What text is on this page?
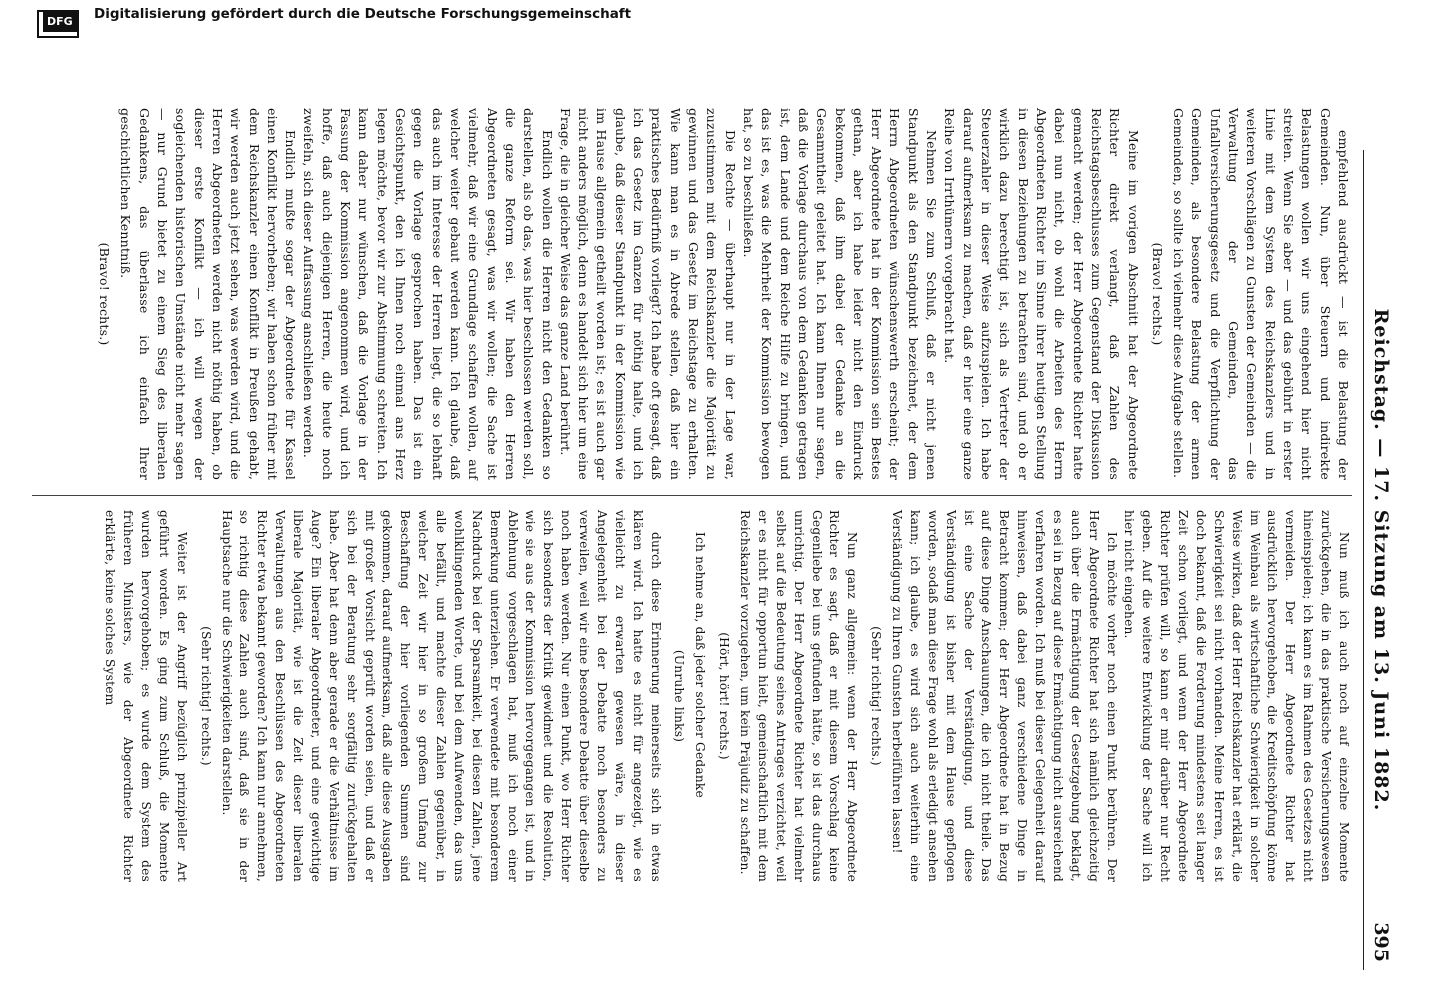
Reichstag. — 17. Sitzung am 13. Juni 1882.
395

Nun muß ich auch noch auf einzelne Momente zurückgehen, die in das praktische Versicherungswesen hineinspielen; ich kann es im Rahmen des Gesetzes nicht vermeiden. Der Herr Abgeordnete Richter hat ausdrücklich hervorgehoben, die Kreditschöpfung könne im Weinbau als wirtschaftliche Schwierigkeit in solcher Weise wirken, daß der Herr Reichskanzler hat erklärt, die Schwierigkeit sei nicht vorhanden. Meine Herren, es ist doch bekannt, daß die Forderung mindestens seit langer Zeit schon vorliegt, und wenn der Herr Abgeordnete Richter prüfen will, so kann er mir darüber nur Recht geben. Auf die weitere Entwicklung der Sache will ich hier nicht eingehen.

Ich möchte vorher noch einen Punkt berühren. Der Herr Abgeordnete Richter hat sich nämlich gleichzeitig auch über die Ermächtigung der Gesetzgebung beklagt, es sei in Bezug auf diese Ermächtigung nicht ausreichend verfahren worden. Ich muß bei dieser Gelegenheit darauf hinweisen, daß dabei ganz verschiedene Dinge in Betracht kommen; der Herr Abgeordnete hat in Bezug auf diese Dinge Anschauungen, die ich nicht theile. Das ist eine Sache der Verständigung, und diese Verständigung ist bisher mit dem Hause gepflogen worden, sodaß man diese Frage wohl als erledigt ansehen kann; ich glaube, es wird sich auch weiterhin eine Verständigung zu Ihren Gunsten herbeiführen lassen!

(Sehr richtig! rechts.)

Nun ganz allgemein: wenn der Herr Abgeordnete Richter es sagt, daß er mit diesem Vorschlag keine Gegenliebe bei uns gefunden hätte, so ist das durchaus unrichtig. Der Herr Abgeordnete Richter hat vielmehr selbst auf die Bedeutung seines Antrages verzichtet, weil er es nicht für opportun hielt, gemeinschaftlich mit dem Reichskanzler vorzugehen, um kein Präjudiz zu schaffen.

(Hört, hört! rechts.)

Ich nehme an, daß jeder solcher Gedanke

(Unruhe links)

durch diese Erinnerung meinerseits sich in etwas klären wird. Ich hatte es nicht für angezeigt, wie es vielleicht zu erwarten gewesen wäre, in dieser Angelegenheit bei der Debatte noch besonders zu verweilen, weil wir eine besondere Debatte über dieselbe noch haben werden. Nur einen Punkt, wo Herr Richter sich besonders der Kritik gewidmet und die Resolution, wie sie aus der Kommission hervorgegangen ist, und in Ablehnung vorgeschlagen hat, muß ich noch einer Bemerkung unterziehen. Er verwendete mit besonderem Nachdruck bei der Sparsamkeit, bei diesen Zahlen, jene wohlklingenden Worte, und bei dem Aufwenden, das uns alle befällt, und machte dieser Zahlen gegenüber, in welcher Zeit wir hier in so großem Umfang zur Beschaffung der hier vorliegenden Summen sind gekommen, darauf aufmerksam, daß alle diese Ausgaben mit großer Vorsicht geprüft worden seien, und daß er sich bei der Beratung sehr sorgfältig zurückgehalten habe. Aber hat denn aber gerade er die Verhältnisse im Auge? Ein liberaler Abgeordneter, und eine gewichtige liberale Majorität, wie ist die Zeit dieser liberalen Verwaltungen aus den Beschlüssen des Abgeordneten Richter etwa bekannt geworden? Ich kann nur annehmen, so richtig diese Zahlen auch sind, daß sie in der Hauptsache nur die Schwierigkeiten darstellen.

(Sehr richtig! rechts.)

Weiter ist der Angriff bezüglich prinzipieller Art geführt worden. Es ging zum Schluß, die Momente wurden hervorgehoben; es wurde dem System des früheren Ministers, wie der Abgeordnete Richter erklärte, keine solches System

empfehlend ausdrückt — ist die Belastung der Gemeinden. Nun, über Steuern und indirekte Belastungen wollen wir uns eingehend hier nicht streiten. Wenn Sie aber — und das gebührt in erster Linie mit dem System des Reichskanzlers und in weiteren Vorschlägen zu Gunsten der Gemeinden — die Verwaltung der Gemeinden, das Unfallversicherungsgesetz und die Verpflichtung der Gemeinden, als besondere Belastung der armen Gemeinden, so sollte ich vielmehr diese Aufgabe stellen.

(Bravo! rechts.)

Meine im vorigen Abschnitt hat der Abgeordnete Richter direkt verlangt, daß Zahlen des Reichstagsbeschlusses zum Gegenstand der Diskussion gemacht werden; der Herr Abgeordnete Richter hatte dabei nun nicht, ob wohl die Arbeiten des Herrn Abgeordneten Richter im Sinne ihrer heutigen Stellung in diesen Beziehungen zu betrachten sind, und ob er wirklich dazu berechtigt ist, sich als Vertreter der Steuerzahler in dieser Weise aufzuspielen. Ich habe darauf aufmerksam zu machen, daß er hier eine ganze Reihe von Irrthümern vorgebracht hat.

Nehmen Sie zum Schluß, daß er nicht jenen Standpunkt als den Standpunkt bezeichnet, der dem Herrn Abgeordneten wünschenswerth erscheint; der Herr Abgeordnete hat in der Kommission sein Bestes gethan, aber ich habe leider nicht den Eindruck bekommen, daß ihm dabei der Gedanke an die Gesammtheit geleitet hat. Ich kann Ihnen nur sagen, daß die Vorlage durchaus von dem Gedanken getragen ist, dem Lande und dem Reiche Hilfe zu bringen, und das ist es, was die Mehrheit der Kommission bewogen hat, so zu beschließen.

Die Rechte — überhaupt nur in der Lage war, zuzustimmen mit dem Reichskanzler die Majorität zu gewinnen und das Gesetz im Reichstage zu erhalten. Wie kann man es in Abrede stellen, daß hier ein praktisches Bedürfniß vorliegt? Ich habe oft gesagt, daß ich das Gesetz im Ganzen für nöthig halte, und ich glaube, daß dieser Standpunkt in der Kommission wie im Hause allgemein getheilt worden ist; es ist auch gar nicht anders möglich, denn es handelt sich hier um eine Frage, die in gleicher Weise das ganze Land berührt.

Endlich wollen die Herren nicht den Gedanken so darstellen, als ob das, was hier beschlossen werden soll, die ganze Reform sei. Wir haben den Herren Abgeordneten gesagt, was wir wollen; die Sache ist vielmehr, daß wir eine Grundlage schaffen wollen, auf welcher weiter gebaut werden kann. Ich glaube, daß das auch im Interesse der Herren liegt, die so lebhaft gegen die Vorlage gesprochen haben. Das ist ein Gesichtspunkt, den ich Ihnen noch einmal ans Herz legen möchte, bevor wir zur Abstimmung schreiten. Ich kann daher nur wünschen, daß die Vorlage in der Fassung der Kommission angenommen wird, und ich hoffe, daß auch diejenigen Herren, die heute noch zweifeln, sich dieser Auffassung anschließen werden.

Endlich mußte sogar der Abgeordnete für Kassel einen Konflikt hervorheben; wir haben schon früher mit dem Reichskanzler einen Konflikt in Preußen gehabt, wir werden auch jetzt sehen, was werden wird, und die Herren Abgeordneten werden nicht nöthig haben, ob dieser erste Konflikt — ich will wegen der sogleichenden historischen Umstände nicht mehr sagen — nur Grund bietet zu einem Sieg des liberalen Gedankens, das überlasse ich einfach Ihrer geschichtlichen Kenntniß.

(Bravo! rechts.)

Digitalisierung gefördert durch die Deutsche Forschungsgemeinschaft
DFG
